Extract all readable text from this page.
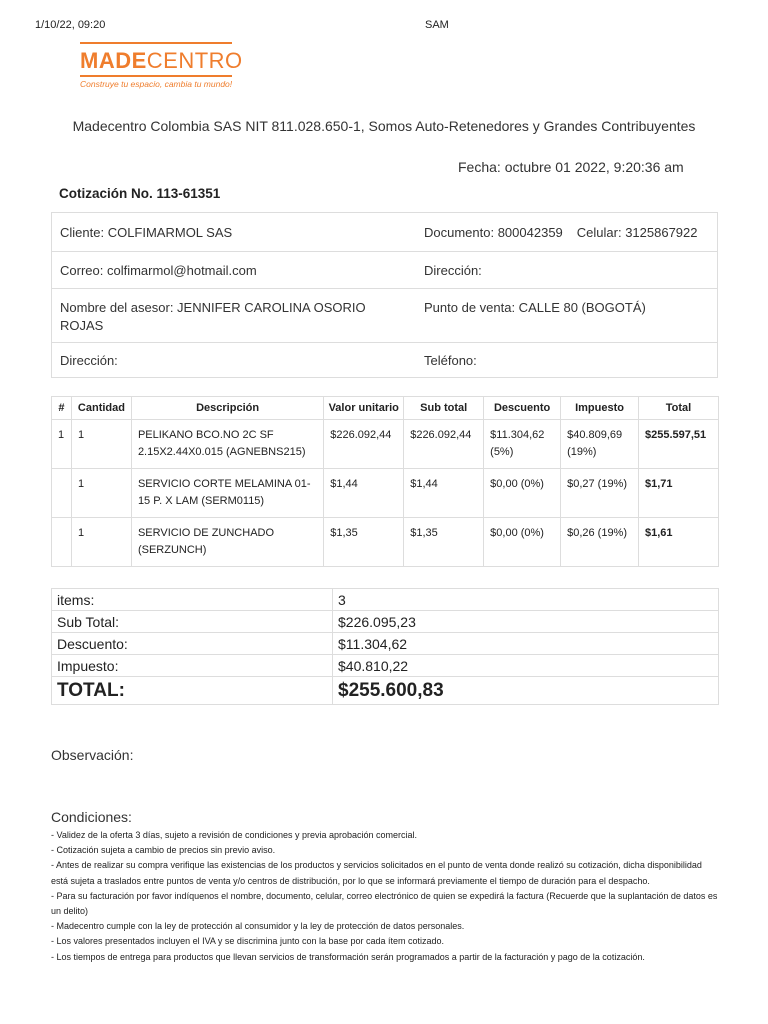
1/10/22, 09:20	SAM
MADECENTRO
Construye tu espacio, cambia tu mundo!
Madecentro Colombia SAS NIT 811.028.650-1, Somos Auto-Retenedores y Grandes Contribuyentes
Fecha: octubre 01 2022, 9:20:36 am
Cotización No. 113-61351
Cliente: COLFIMARMOL SAS	Documento: 800042359 Celular: 3125867922
Correo: colfimarmol@hotmail.com	Dirección:
Nombre del asesor: JENNIFER CAROLINA OSORIO ROJAS
Punto de venta: CALLE 80 (BOGOTÁ)
Dirección:	Teléfono:
#	Cantidad	Descripción	Valor unitario	Sub total	Descuento	Impuesto	Total
1	1	PELIKANO BCO.NO 2C SF 2.15X2.44X0.015 (AGNEBNS215)	$226.092,44	$226.092,44	$11.304,62 (5%)	$40.809,69 (19%)	$255.597,51
	1	SERVICIO CORTE MELAMINA 01-15 P. X LAM (SERM0115)	$1,44	$1,44	$0,00 (0%)	$0,27 (19%)	$1,71
	1	SERVICIO DE ZUNCHADO (SERZUNCH)	$1,35	$1,35	$0,00 (0%)	$0,26 (19%)	$1,61
items:	3
Sub Total:	$226.095,23
Descuento:	$11.304,62
Impuesto:	$40.810,22
TOTAL:	$255.600,83
Observación:
Condiciones:
- Validez de la oferta 3 días, sujeto a revisión de condiciones y previa aprobación comercial.
- Cotización sujeta a cambio de precios sin previo aviso.
- Antes de realizar su compra verifique las existencias de los productos y servicios solicitados en el punto de venta donde realizó su cotización, dicha disponibilidad está sujeta a traslados entre puntos de venta y/o centros de distribución, por lo que se informará previamente el tiempo de duración para el despacho.
- Para su facturación por favor indíquenos el nombre, documento, celular, correo electrónico de quien se expedirá la factura (Recuerde que la suplantación de datos es un delito)
- Madecentro cumple con la ley de protección al consumidor y la ley de protección de datos personales.
- Los valores presentados incluyen el IVA y se discrimina junto con la base por cada ítem cotizado.
- Los tiempos de entrega para productos que llevan servicios de transformación serán programados a partir de la facturación y pago de la cotización.
